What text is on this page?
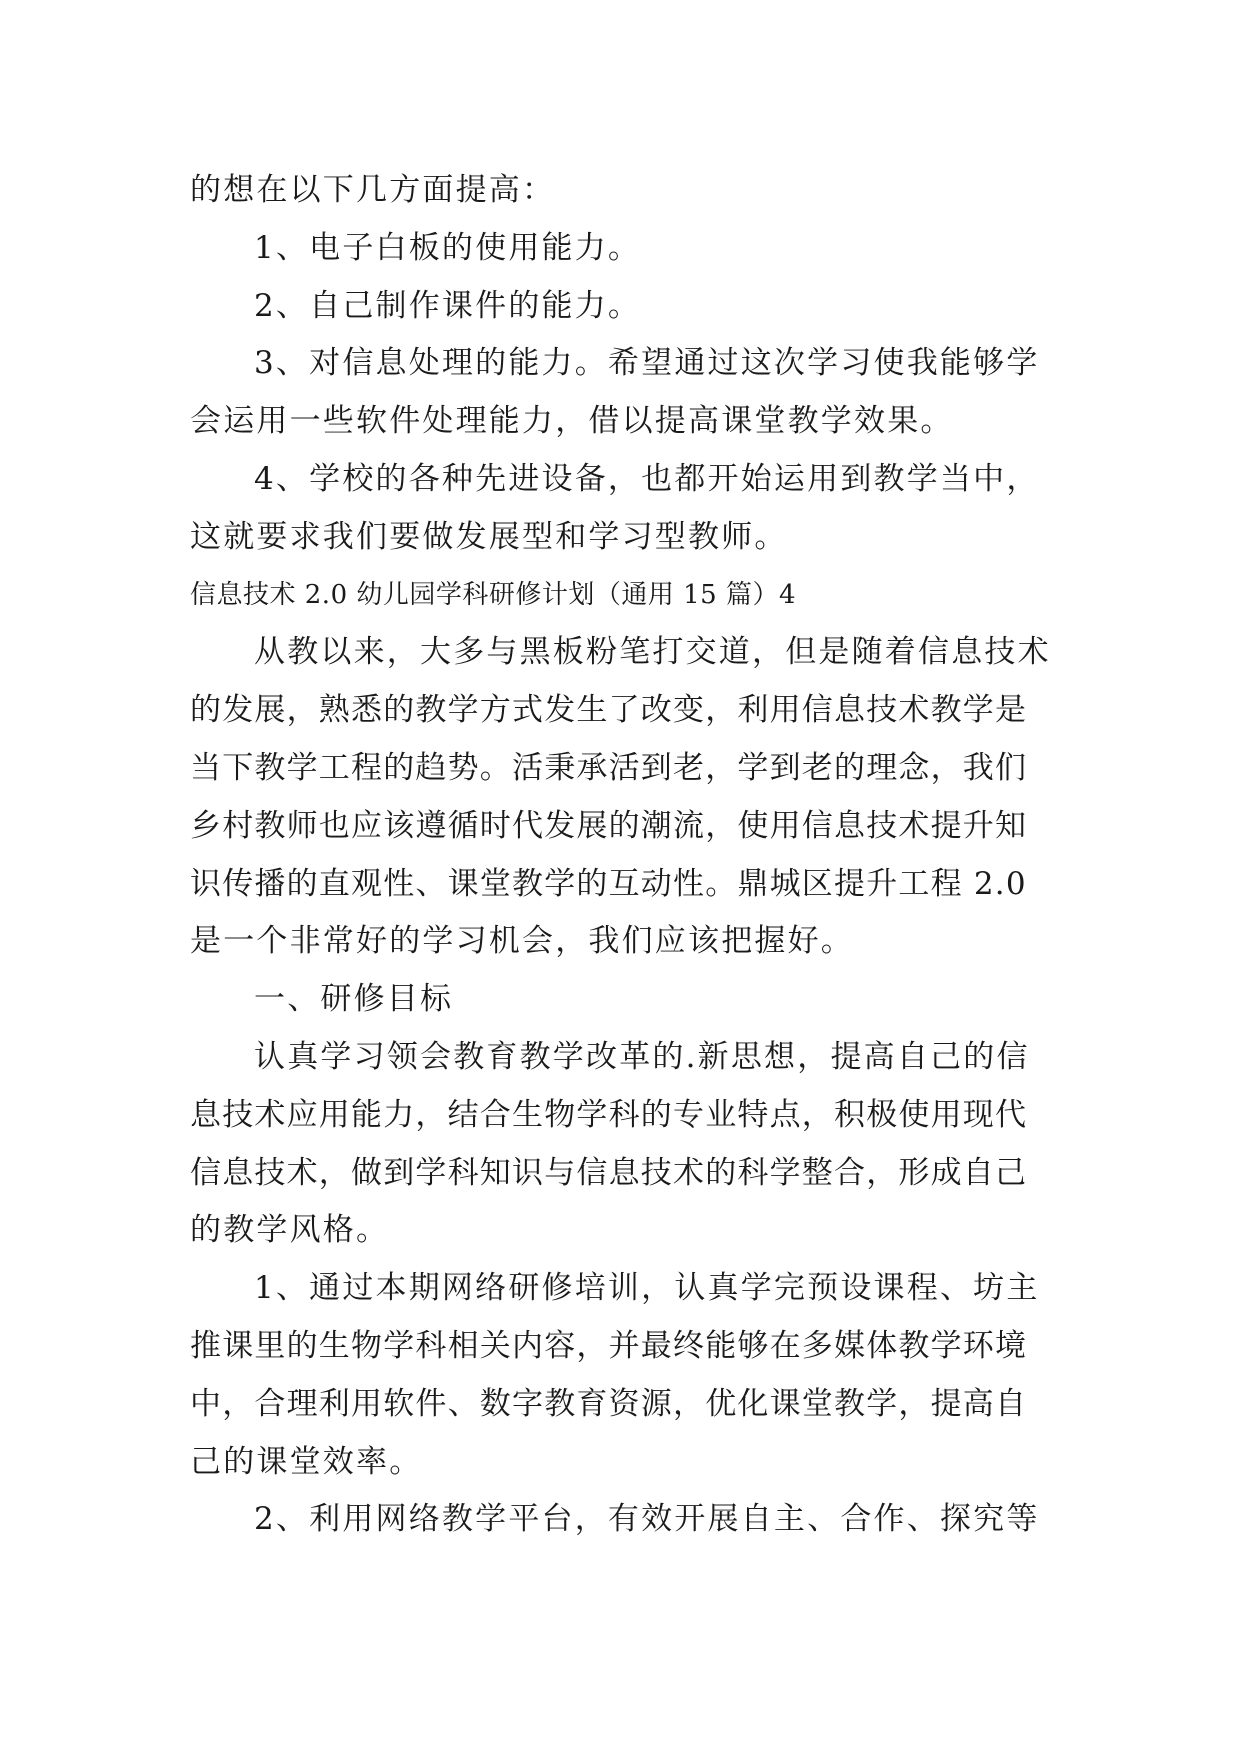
的想在以下几方面提高：
1、电子白板的使用能力。
2、自己制作课件的能力。
3、对信息处理的能力。希望通过这次学习使我能够学
会运用一些软件处理能力，借以提高课堂教学效果。
4、学校的各种先进设备，也都开始运用到教学当中，
这就要求我们要做发展型和学习型教师。
信息技术 2.0 幼儿园学科研修计划（通用 15 篇）4
从教以来，大多与黑板粉笔打交道，但是随着信息技术
的发展，熟悉的教学方式发生了改变，利用信息技术教学是
当下教学工程的趋势。活秉承活到老，学到老的理念，我们
乡村教师也应该遵循时代发展的潮流，使用信息技术提升知
识传播的直观性、课堂教学的互动性。鼎城区提升工程 2.0
是一个非常好的学习机会，我们应该把握好。
一、研修目标
认真学习领会教育教学改革的.新思想，提高自己的信
息技术应用能力，结合生物学科的专业特点，积极使用现代
信息技术，做到学科知识与信息技术的科学整合，形成自己
的教学风格。
1、通过本期网络研修培训，认真学完预设课程、坊主
推课里的生物学科相关内容，并最终能够在多媒体教学环境
中，合理利用软件、数字教育资源，优化课堂教学，提高自
己的课堂效率。
2、利用网络教学平台，有效开展自主、合作、探究等
